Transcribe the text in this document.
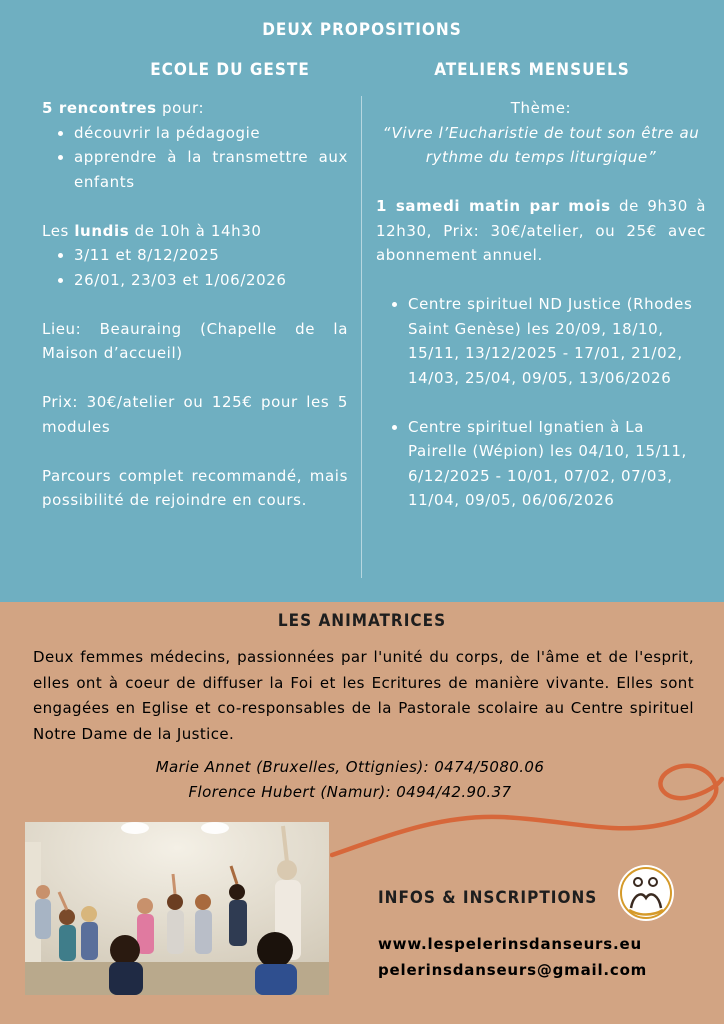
DEUX PROPOSITIONS
ECOLE DU GESTE	ATELIERS MENSUELS

5 rencontres pour:

• découvrir la pédagogie
• apprendre à la transmettre aux enfants

Les lundis de 10h à 14h30

• 3/11 et 8/12/2025
• 26/01, 23/03 et 1/06/2026

Lieu: Beauraing (Chapelle de la Maison d’accueil)

Prix: 30€/atelier ou 125€ pour les 5 modules

Parcours complet recommandé, mais possibilité de rejoindre en cours.

Thème:

“Vivre l’Eucharistie de tout son être au rythme du temps liturgique”

1 samedi matin par mois de 9h30 à 12h30, Prix: 30€/atelier, ou 25€ avec abonnement annuel.

• Centre spirituel ND Justice (Rhodes Saint Genèse) les 20/09, 18/10, 15/11, 13/12/2025 - 17/01, 21/02, 14/03, 25/04, 09/05, 13/06/2026
• Centre spirituel Ignatien à La Pairelle (Wépion) les 04/10, 15/11, 6/12/2025 - 10/01, 07/02, 07/03, 11/04, 09/05, 06/06/2026
LES ANIMATRICES
Deux femmes médecins, passionnées par l'unité du corps, de l'âme et de l'esprit, elles ont à coeur de diffuser la Foi et les Ecritures de manière vivante. Elles sont engagées en Eglise et co-responsables de la Pastorale scolaire au Centre spirituel Notre Dame de la Justice.
Marie Annet (Bruxelles, Ottignies): 0474/5080.06
Florence Hubert (Namur): 0494/42.90.37
INFOS & INSCRIPTIONS
www.lespelerinsdanseurs.eu
pelerinsdanseurs@gmail.com
